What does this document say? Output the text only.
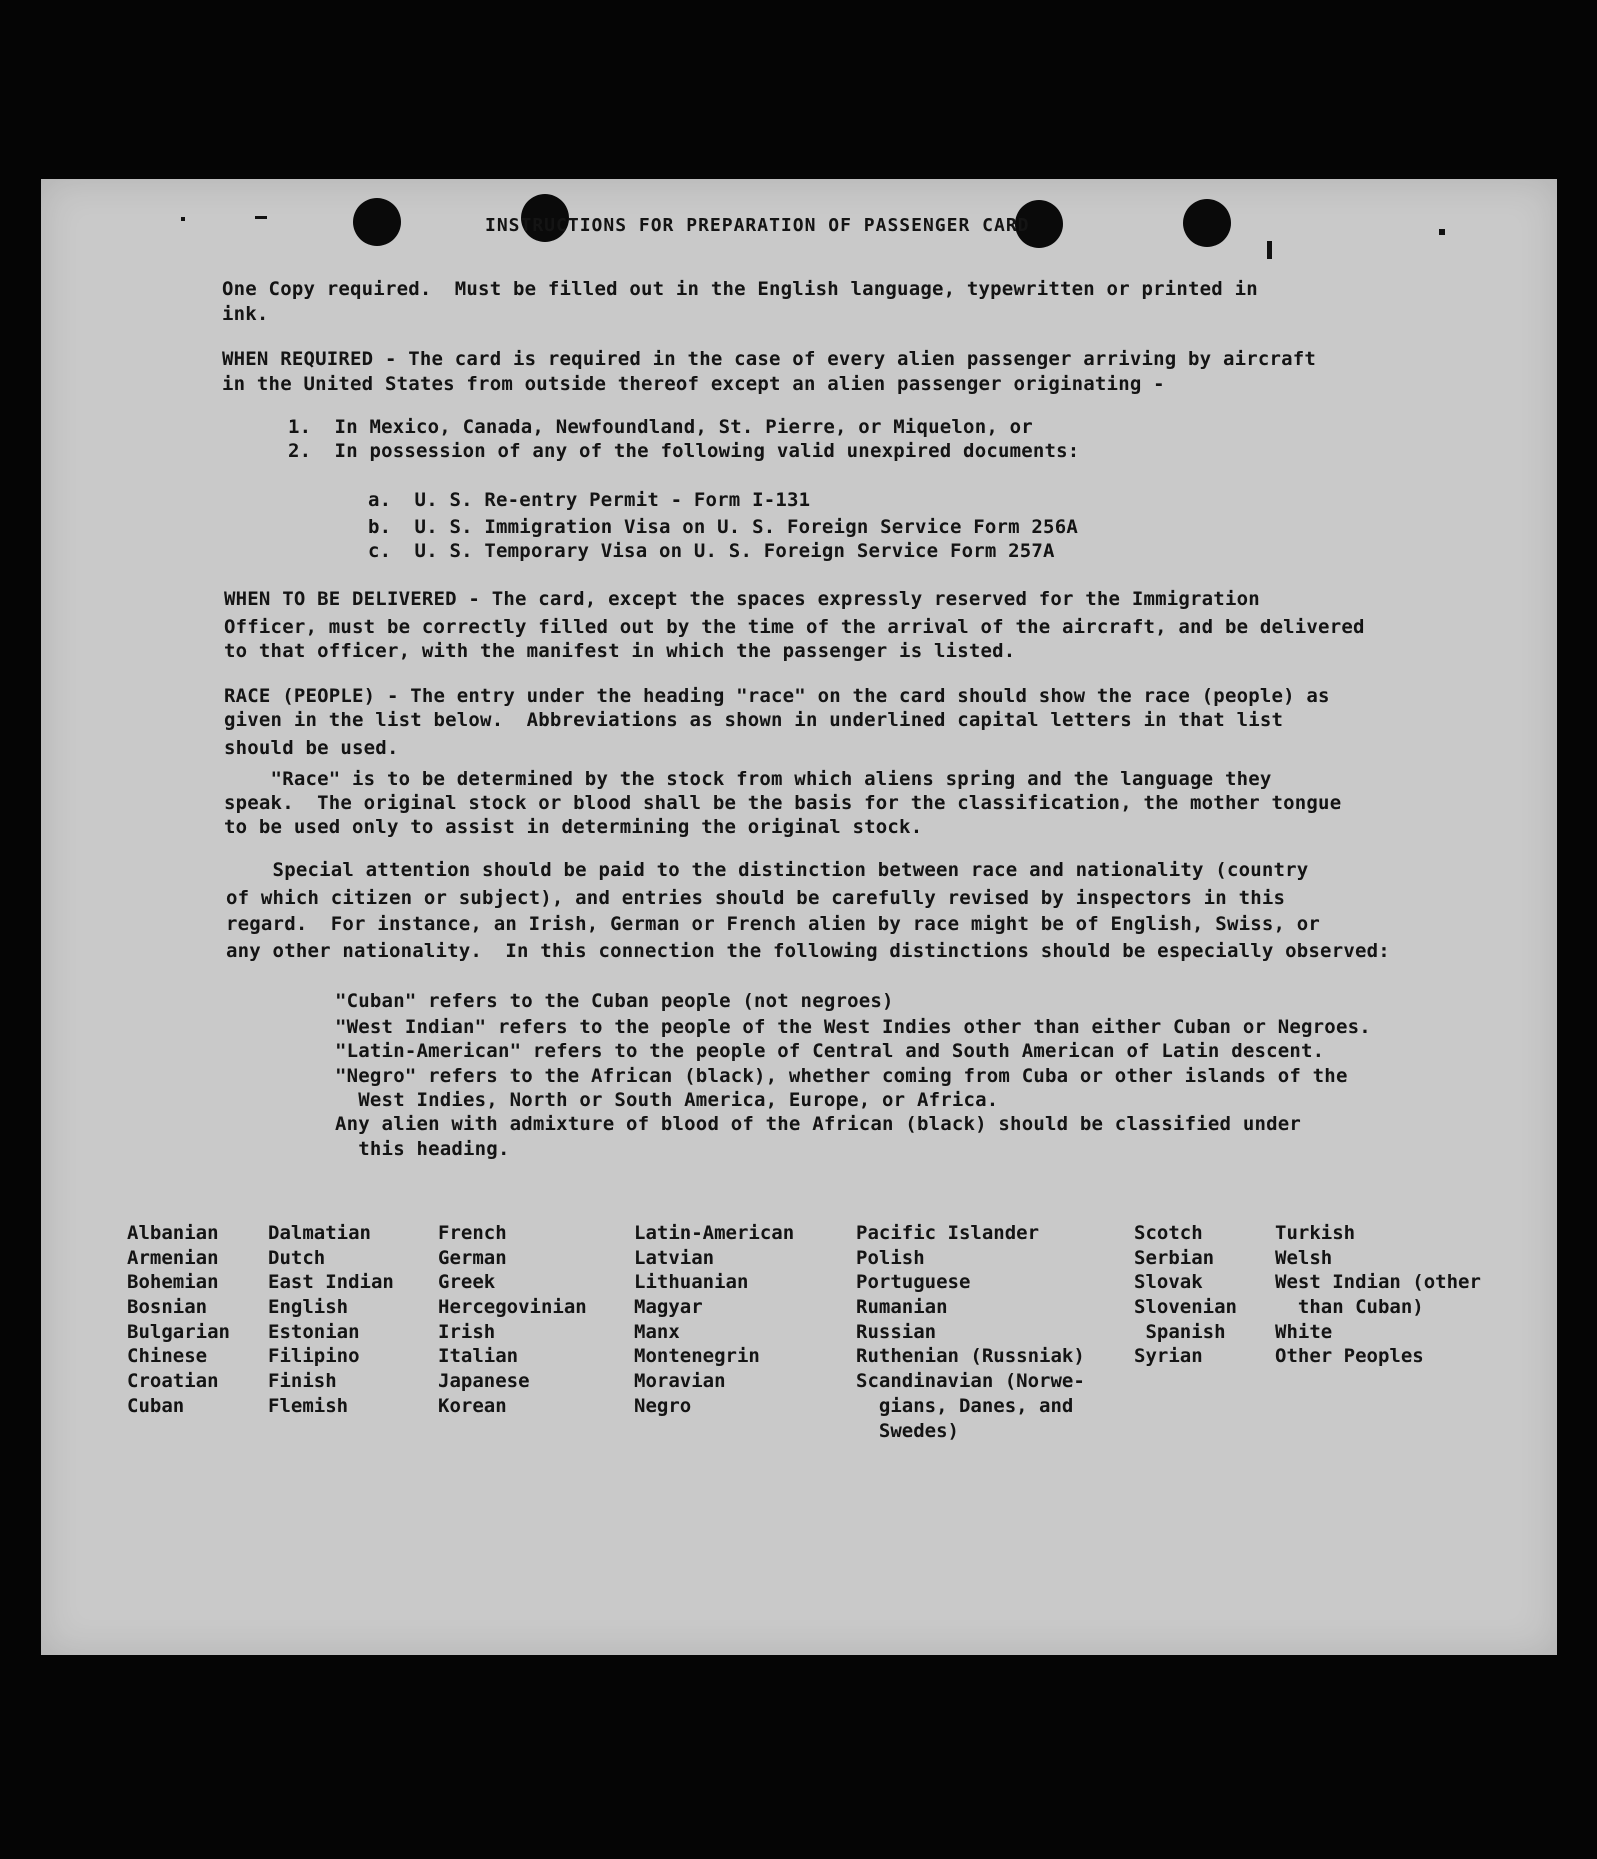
INSTRUCTIONS FOR PREPARATION OF PASSENGER CARD
One Copy required.  Must be filled out in the English language, typewritten or printed in
ink.
WHEN REQUIRED - The card is required in the case of every alien passenger arriving by aircraft
in the United States from outside thereof except an alien passenger originating -
1.  In Mexico, Canada, Newfoundland, St. Pierre, or Miquelon, or
2.  In possession of any of the following valid unexpired documents:
a.  U. S. Re-entry Permit - Form I-131
b.  U. S. Immigration Visa on U. S. Foreign Service Form 256A
c.  U. S. Temporary Visa on U. S. Foreign Service Form 257A
WHEN TO BE DELIVERED - The card, except the spaces expressly reserved for the Immigration
Officer, must be correctly filled out by the time of the arrival of the aircraft, and be delivered
to that officer, with the manifest in which the passenger is listed.
RACE (PEOPLE) - The entry under the heading "race" on the card should show the race (people) as
given in the list below.  Abbreviations as shown in underlined capital letters in that list
should be used.
"Race" is to be determined by the stock from which aliens spring and the language they
speak.  The original stock or blood shall be the basis for the classification, the mother tongue
to be used only to assist in determining the original stock.
Special attention should be paid to the distinction between race and nationality (country
of which citizen or subject), and entries should be carefully revised by inspectors in this
regard.  For instance, an Irish, German or French alien by race might be of English, Swiss, or
any other nationality.  In this connection the following distinctions should be especially observed:
"Cuban" refers to the Cuban people (not negroes)
"West Indian" refers to the people of the West Indies other than either Cuban or Negroes.
"Latin-American" refers to the people of Central and South American of Latin descent.
"Negro" refers to the African (black), whether coming from Cuba or other islands of the
West Indies, North or South America, Europe, or Africa.
Any alien with admixture of blood of the African (black) should be classified under
this heading.
Albanian
Armenian
Bohemian
Bosnian
Bulgarian
Chinese
Croatian
Cuban
Dalmatian
Dutch
East Indian
English
Estonian
Filipino
Finish
Flemish
French
German
Greek
Hercegovinian
Irish
Italian
Japanese
Korean
Latin-American
Latvian
Lithuanian
Magyar
Manx
Montenegrin
Moravian
Negro
Pacific Islander
Polish
Portuguese
Rumanian
Russian
Ruthenian (Russniak)
Scandinavian (Norwe-
gians, Danes, and
Swedes)
Scotch
Serbian
Slovak
Slovenian
Spanish
Syrian
Turkish
Welsh
West Indian (other
than Cuban)
White
Other Peoples
